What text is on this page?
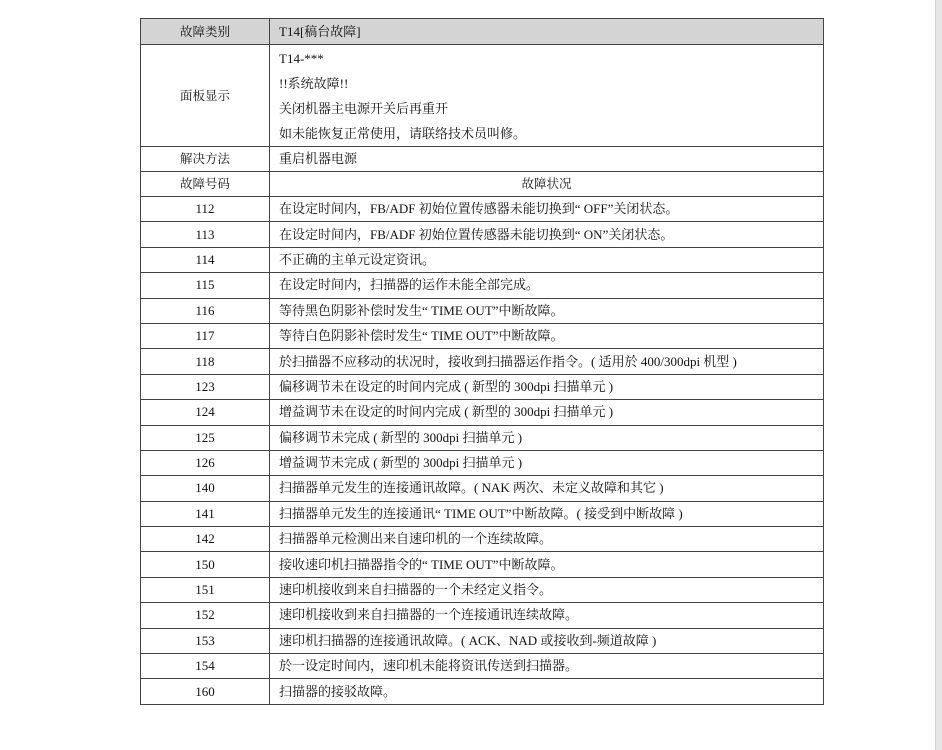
故障类别	T14[稿台故障]
面板显示	T14-***
!!系统故障!!
关闭机器主电源开关后再重开
如未能恢复正常使用，请联络技术员叫修。

解决方法	重启机器电源
故障号码	故障状况
112	在设定时间内，FB/ADF 初始位置传感器未能切换到“ OFF”关闭状态。
113	在设定时间内，FB/ADF 初始位置传感器未能切换到“ ON”关闭状态。
114	不正确的主单元设定资讯。
115	在设定时间内，扫描器的运作未能全部完成。
116	等待黑色阴影补偿时发生“ TIME OUT”中断故障。
117	等待白色阴影补偿时发生“ TIME OUT”中断故障。
118	於扫描器不应移动的状况时，接收到扫描器运作指令。( 适用於 400/300dpi 机型 )
123	偏移调节未在设定的时间内完成 ( 新型的 300dpi 扫描单元 )
124	增益调节未在设定的时间内完成 ( 新型的 300dpi 扫描单元 )
125	偏移调节未完成 ( 新型的 300dpi 扫描单元 )
126	增益调节未完成 ( 新型的 300dpi 扫描单元 )
140	扫描器单元发生的连接通讯故障。( NAK 两次、未定义故障和其它 )
141	扫描器单元发生的连接通讯“ TIME OUT”中断故障。( 接受到中断故障 )
142	扫描器单元检测出来自速印机的一个连续故障。
150	接收速印机扫描器指令的“ TIME OUT”中断故障。
151	速印机接收到来自扫描器的一个未经定义指令。
152	速印机接收到来自扫描器的一个连接通讯连续故障。
153	速印机扫描器的连接通讯故障。( ACK、NAD 或接收到-频道故障 )
154	於一设定时间内，速印机未能将资讯传送到扫描器。
160	扫描器的接驳故障。
